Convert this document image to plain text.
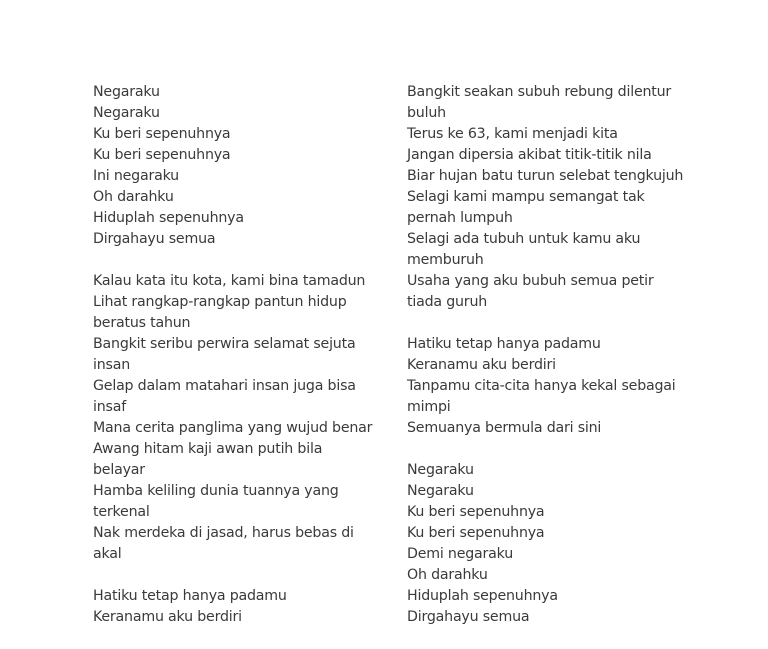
Negaraku
Negaraku
Ku beri sepenuhnya
Ku beri sepenuhnya
Ini negaraku
Oh darahku
Hiduplah sepenuhnya
Dirgahayu semua
Kalau kata itu kota, kami bina tamadun
Lihat rangkap-rangkap pantun hidup
beratus tahun
Bangkit seribu perwira selamat sejuta
insan
Gelap dalam matahari insan juga bisa
insaf
Mana cerita panglima yang wujud benar
Awang hitam kaji awan putih bila
belayar
Hamba keliling dunia tuannya yang
terkenal
Nak merdeka di jasad, harus bebas di
akal
Hatiku tetap hanya padamu
Keranamu aku berdiri
Bangkit seakan subuh rebung dilentur
buluh
Terus ke 63, kami menjadi kita
Jangan dipersia akibat titik-titik nila
Biar hujan batu turun selebat tengkujuh
Selagi kami mampu semangat tak
pernah lumpuh
Selagi ada tubuh untuk kamu aku
memburuh
Usaha yang aku bubuh semua petir
tiada guruh
Hatiku tetap hanya padamu
Keranamu aku berdiri
Tanpamu cita-cita hanya kekal sebagai
mimpi
Semuanya bermula dari sini
Negaraku
Negaraku
Ku beri sepenuhnya
Ku beri sepenuhnya
Demi negaraku
Oh darahku
Hiduplah sepenuhnya
Dirgahayu semua
